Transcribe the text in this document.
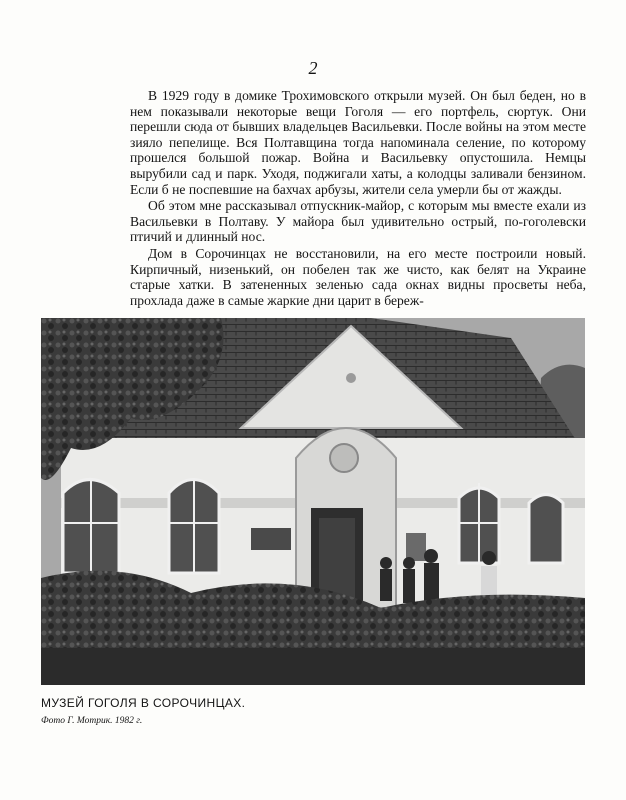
2

В 1929 году в домике Трохимовского открыли музей. Он был беден, но в нем показывали некоторые вещи Гоголя — его портфель, сюртук. Они перешли сюда от бывших владельцев Васильевки. После войны на этом месте зияло пепелище. Вся Полтавщина тогда напоминала селение, по которому прошелся большой пожар. Война и Васильевку опустошила. Немцы вырубили сад и парк. Уходя, поджигали хаты, а колодцы заливали бензином. Если б не поспевшие на бахчах арбузы, жители села умерли бы от жажды.

Об этом мне рассказывал отпускник-майор, с которым мы вместе ехали из Васильевки в Полтаву. У майора был удивительно острый, по-гоголевски птичий и длинный нос.

Дом в Сорочинцах не восстановили, на его месте построили новый. Кирпичный, низенький, он побелен так же чисто, как белят на Украине старые хатки. В затененных зеленью сада окнах видны просветы неба, прохлада даже в самые жаркие дни царит в береж-

МУЗЕЙ ГОГОЛЯ В СОРОЧИНЦАХ.

Фото Г. Мотрик. 1982 г.
